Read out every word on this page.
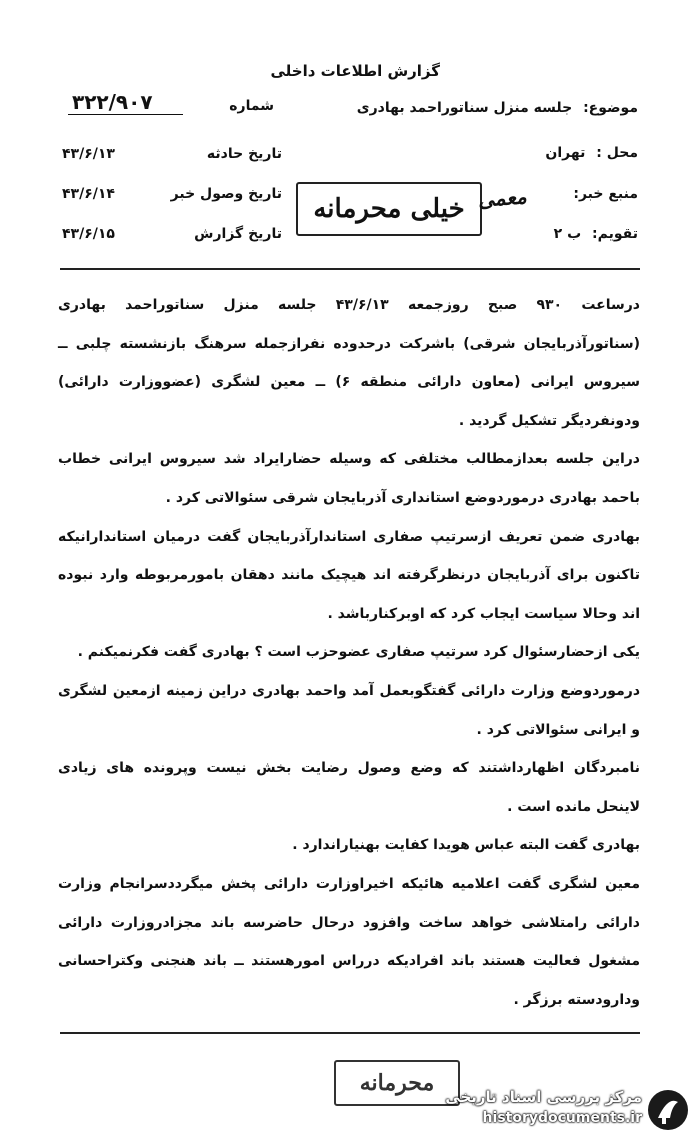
گزارش اطلاعات داخلی
موضوع: جلسه منزل سناتوراحمد بهادری
محل : تهران
منبع خبر:
تقویم: ب ۲
شماره
۳۲۲/۹۰۷
تاریخ حادثه
۴۳/۶/۱۳
تاریخ وصول خبر
۴۳/۶/۱۴
تاریخ گزارش
۴۳/۶/۱۵
خیلی محرمانه معمی

درساعت ۹۳۰ صبح روزجمعه ۴۳/۶/۱۳ جلسه منزل سناتوراحمد بهادری (سناتورآذربایجان شرقی) باشرکت درحدوده نفرازجمله سرهنگ بازنشسته چلبی ــ سیروس ایرانی (معاون دارائی منطقه ۶) ــ معین لشگری (عضووزارت دارائی) ودونفردیگر تشکیل گردید .

دراین جلسه بعدازمطالب مختلفی که وسیله حضارایراد شد سیروس ایرانی خطاب باحمد بهادری درموردوضع استانداری آذربایجان شرقی سئوالاتی کرد .

بهادری ضمن تعریف ازسرتیپ صفاری استاندارآذربایجان گفت درمیان استاندارانیکه تاکنون برای آذربایجان درنظرگرفته اند هیچیک مانند دهقان بامورمربوطه وارد نبوده اند وحالا سیاست ایجاب کرد که اوبرکنارباشد .

یکی ازحضارسئوال کرد سرتیپ صفاری عضوحزب است ؟ بهادری گفت فکرنمیکنم .

درموردوضع وزارت دارائی گفتگوبعمل آمد واحمد بهادری دراین زمینه ازمعین لشگری و ایرانی سئوالاتی کرد .

نامبردگان اظهارداشتند که وضع وصول رضایت بخش نیست وپرونده های زیادی لاینحل مانده است .

بهادری گفت البته عباس هویدا کفایت بهنیاراندارد .

معین لشگری گفت اعلامیه هائیکه اخیراوزارت دارائی پخش میگرددسرانجام وزارت دارائی رامتلاشی خواهد ساخت وافزود درحال حاضرسه باند مجزادروزارت دارائی مشغول فعالیت هستند باند افرادیکه درراس امورهستند ــ باند هنجنی وکتراحسانی ودارودسته برزگر .

محرمانه
مرکز بررسی اسناد تاریخی
historydocuments.ir
